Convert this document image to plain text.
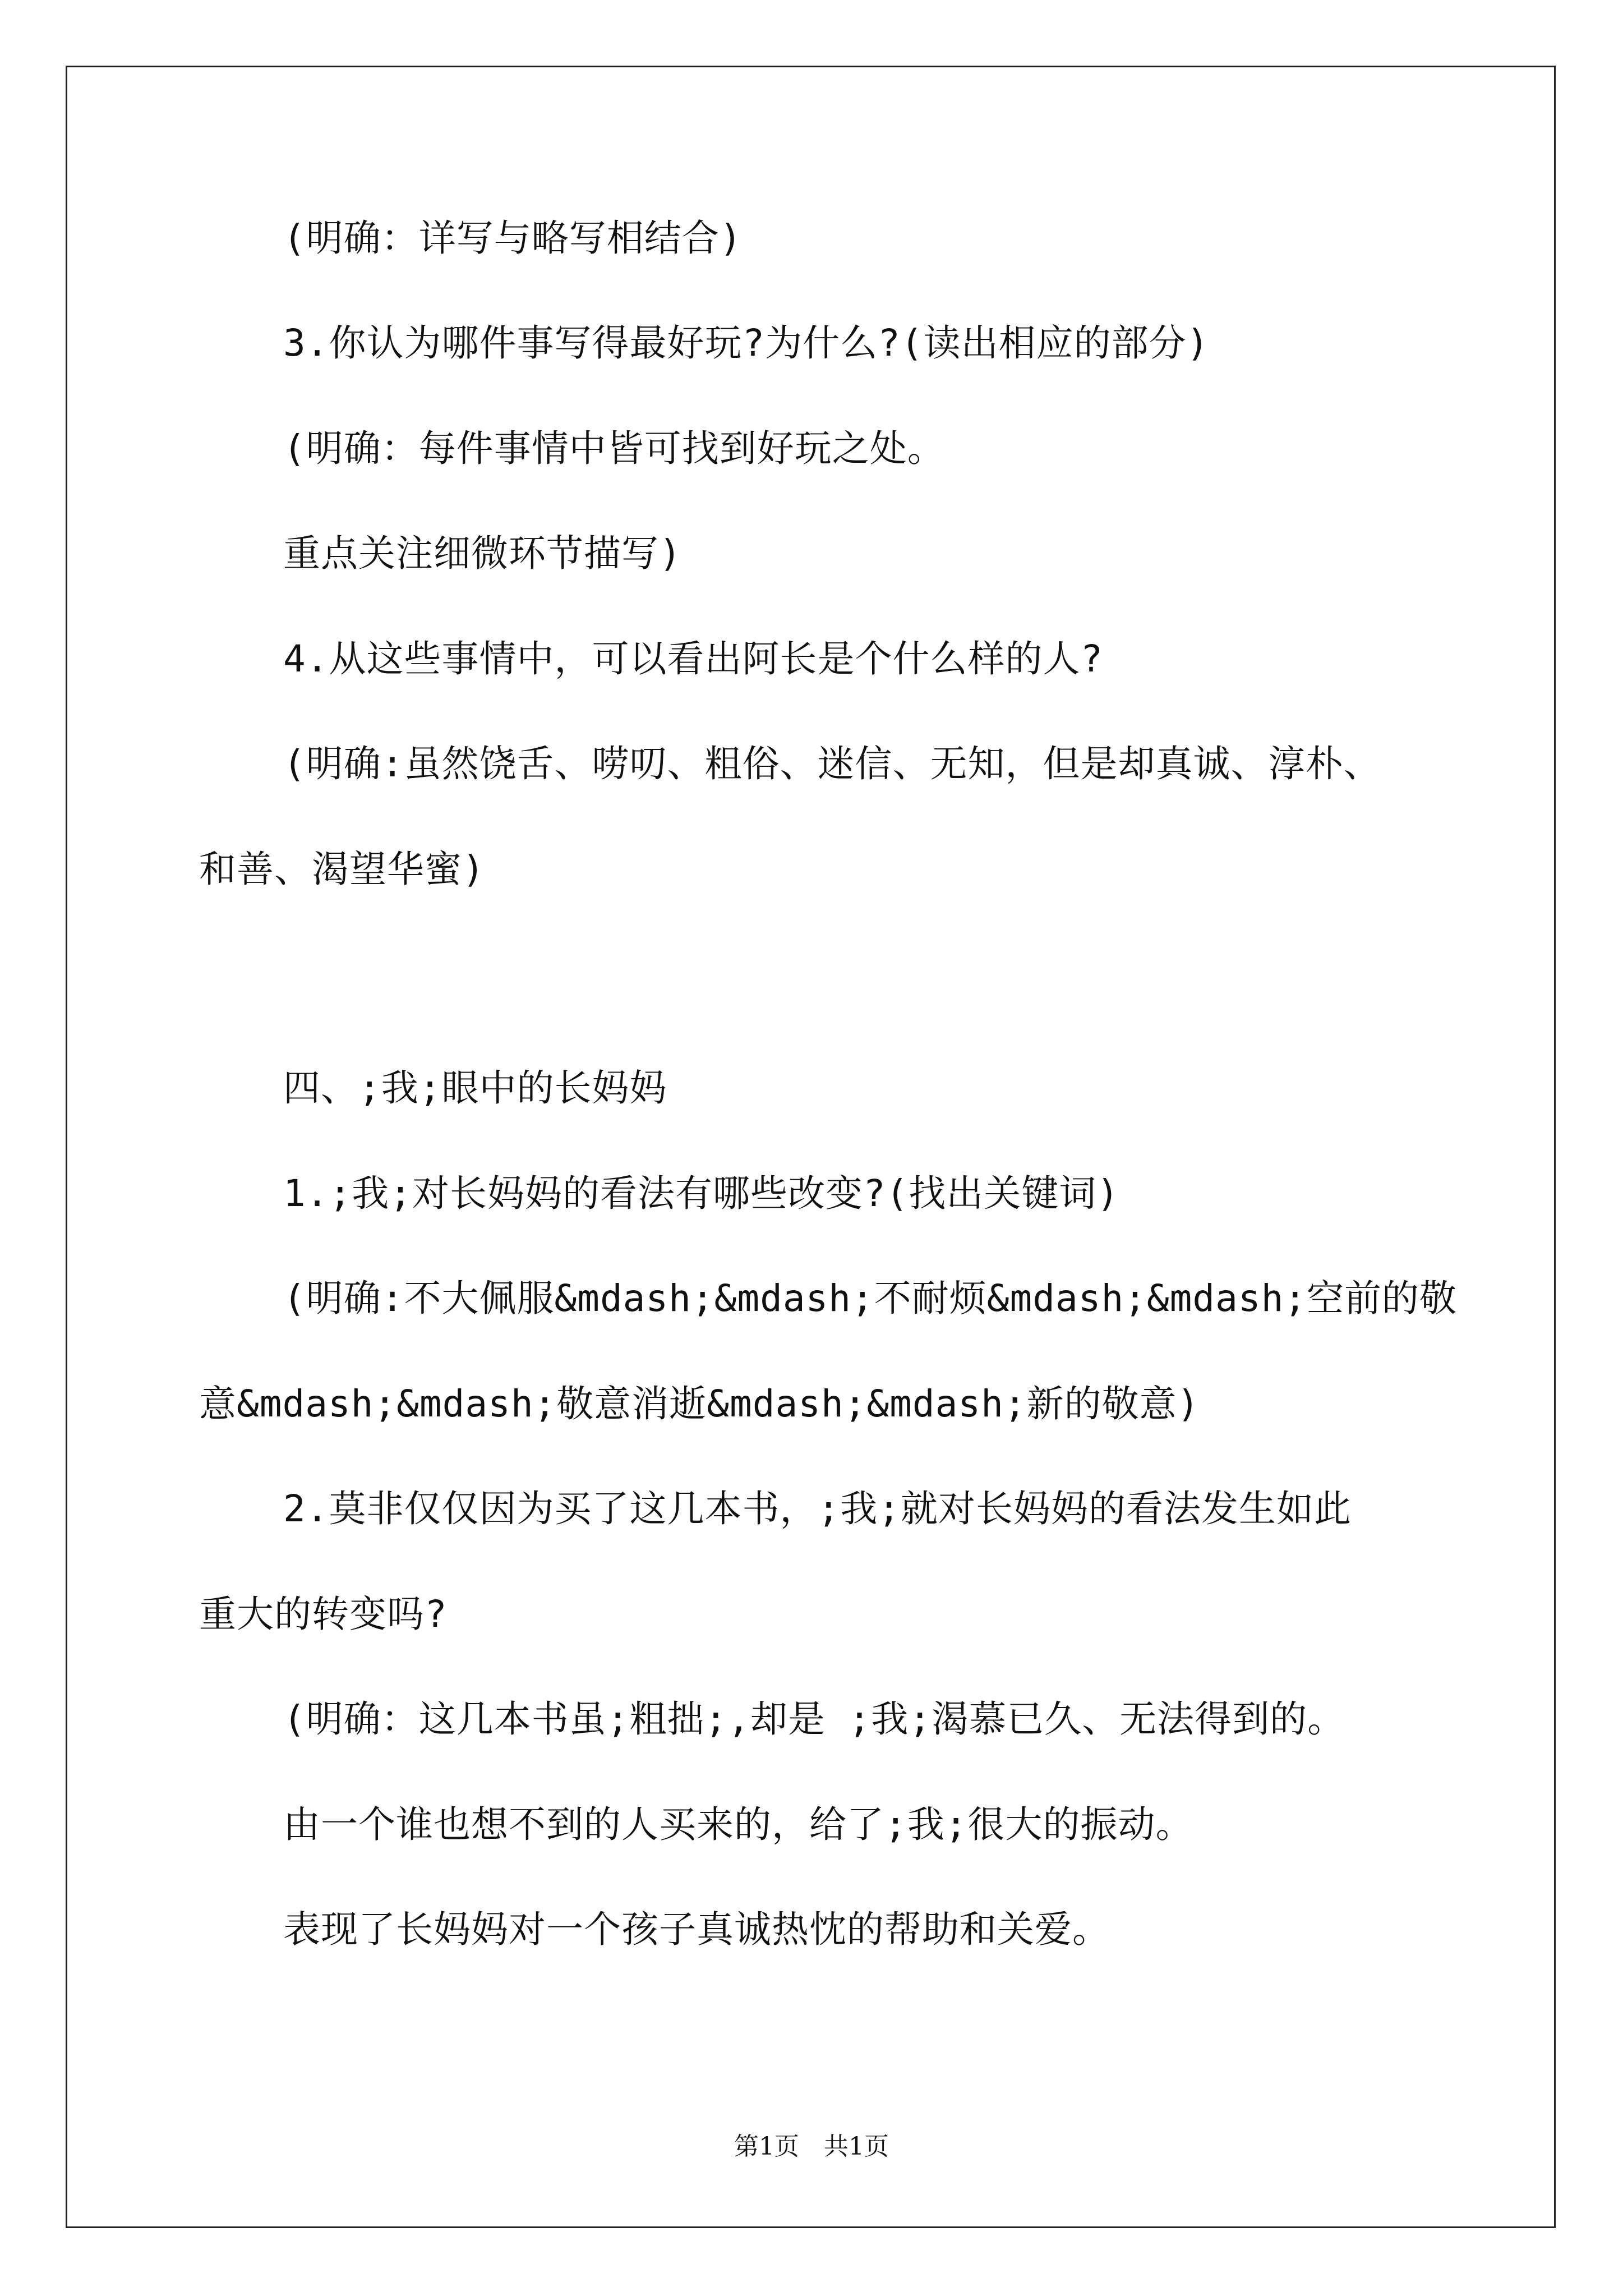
(明确：详写与略写相结合)
3.你认为哪件事写得最好玩?为什么?(读出相应的部分)
(明确：每件事情中皆可找到好玩之处。
重点关注细微环节描写)
4.从这些事情中，可以看出阿长是个什么样的人?
(明确:虽然饶舌、唠叨、粗俗、迷信、无知，但是却真诚、淳朴、
和善、渴望华蜜)
四、;我;眼中的长妈妈
1.;我;对长妈妈的看法有哪些改变?(找出关键词)
(明确:不大佩服&mdash;&mdash;不耐烦&mdash;&mdash;空前的敬
意&mdash;&mdash;敬意消逝&mdash;&mdash;新的敬意)
2.莫非仅仅因为买了这几本书，;我;就对长妈妈的看法发生如此
重大的转变吗?
(明确：这几本书虽;粗拙;,却是 ;我;渴慕已久、无法得到的。
由一个谁也想不到的人买来的，给了;我;很大的振动。
表现了长妈妈对一个孩子真诚热忱的帮助和关爱。
第1页　共1页
